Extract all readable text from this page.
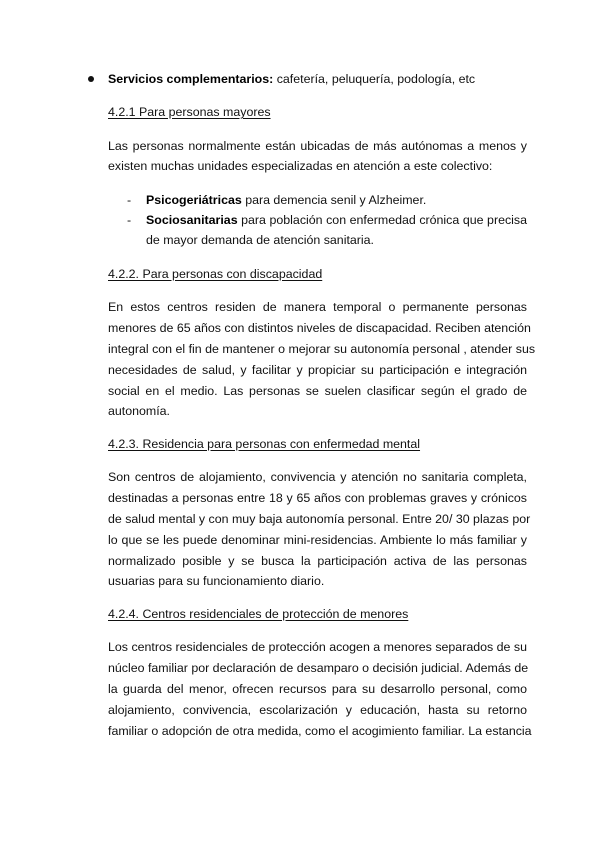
Servicios complementarios: cafetería, peluquería, podología, etc
4.2.1 Para personas mayores
Las personas normalmente están ubicadas de más autónomas a menos y
existen muchas unidades especializadas en atención a este colectivo:
-	Psicogeriátricas para demencia senil y Alzheimer.
-	Sociosanitarias para población con enfermedad crónica que precisa
de mayor demanda de atención sanitaria.
4.2.2. Para personas con discapacidad
En estos centros residen de manera temporal o permanente personas
menores de 65 años con distintos niveles de discapacidad. Reciben atención
integral con el fin de mantener o mejorar su autonomía personal , atender sus
necesidades de salud, y facilitar y propiciar su participación e integración
social en el medio. Las personas se suelen clasificar según el grado de
autonomía.
4.2.3. Residencia para personas con enfermedad mental
Son centros de alojamiento, convivencia y atención no sanitaria completa,
destinadas a personas entre 18 y 65 años con problemas graves y crónicos
de salud mental y con muy baja autonomía personal. Entre 20/ 30 plazas por
lo que se les puede denominar mini-residencias. Ambiente lo más familiar y
normalizado posible y se busca la participación activa de las personas
usuarias para su funcionamiento diario.
4.2.4. Centros residenciales de protección de menores
Los centros residenciales de protección acogen a menores separados de su
núcleo familiar por declaración de desamparo o decisión judicial. Además de
la guarda del menor, ofrecen recursos para su desarrollo personal, como
alojamiento, convivencia, escolarización y educación, hasta su retorno
familiar o adopción de otra medida, como el acogimiento familiar. La estancia
